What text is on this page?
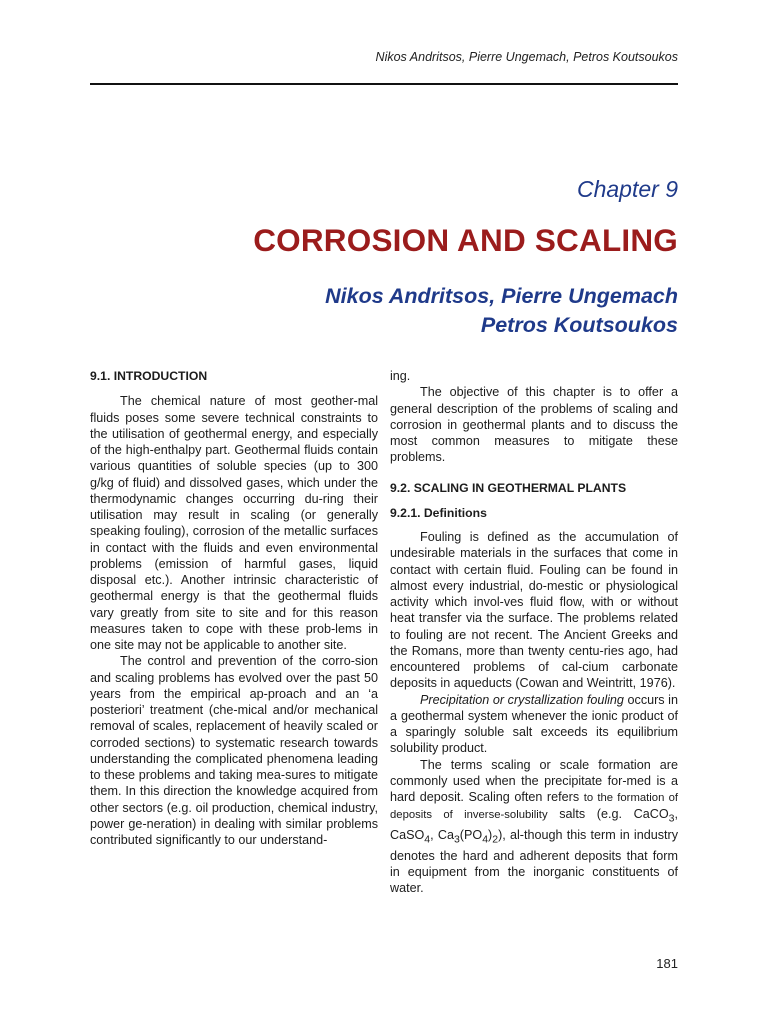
Nikos Andritsos, Pierre Ungemach, Petros Koutsoukos
Chapter 9
CORROSION AND SCALING
Nikos Andritsos, Pierre Ungemach
Petros Koutsoukos
9.1. INTRODUCTION

The chemical nature of most geother-mal fluids poses some severe technical constraints to the utilisation of geothermal energy, and especially of the high-enthalpy part. Geothermal fluids contain various quantities of soluble species (up to 300 g/kg of fluid) and dissolved gases, which under the thermodynamic changes occurring du-ring their utilisation may result in scaling (or generally speaking fouling), corrosion of the metallic surfaces in contact with the fluids and even environmental problems (emission of harmful gases, liquid disposal etc.). Another intrinsic characteristic of geothermal energy is that the geothermal fluids vary greatly from site to site and for this reason measures taken to cope with these prob-lems in one site may not be applicable to another site.

The control and prevention of the corro-sion and scaling problems has evolved over the past 50 years from the empirical ap-proach and an ‘a posteriori’ treatment (che-mical and/or mechanical removal of scales, replacement of heavily scaled or corroded sections) to systematic research towards understanding the complicated phenomena leading to these problems and taking mea-sures to mitigate them. In this direction the knowledge acquired from other sectors (e.g. oil production, chemical industry, power ge-neration) in dealing with similar problems contributed significantly to our understand-

ing.

The objective of this chapter is to offer a general description of the problems of scaling and corrosion in geothermal plants and to discuss the most common measures to mitigate these problems.

9.2. SCALING IN GEOTHERMAL PLANTS
9.2.1. Definitions

Fouling is defined as the accumulation of undesirable materials in the surfaces that come in contact with certain fluid. Fouling can be found in almost every industrial, do-mestic or physiological activity which invol-ves fluid flow, with or without heat transfer via the surface. The problems related to fouling are not recent. The Ancient Greeks and the Romans, more than twenty centu-ries ago, had encountered problems of cal-cium carbonate deposits in aqueducts (Cowan and Weintritt, 1976).

Precipitation or crystallization fouling occurs in a geothermal system whenever the ionic product of a sparingly soluble salt exceeds its equilibrium solubility product.

The terms scaling or scale formation are commonly used when the precipitate for-med is a hard deposit. Scaling often refers to the formation of deposits of inverse-solubility salts (e.g. CaCO$_3$, CaSO$_4$, $Ca_3(PO_4)_2$), al-though this term in industry denotes the hard and adherent deposits that form in equipment from the inorganic constituents of water.

181
